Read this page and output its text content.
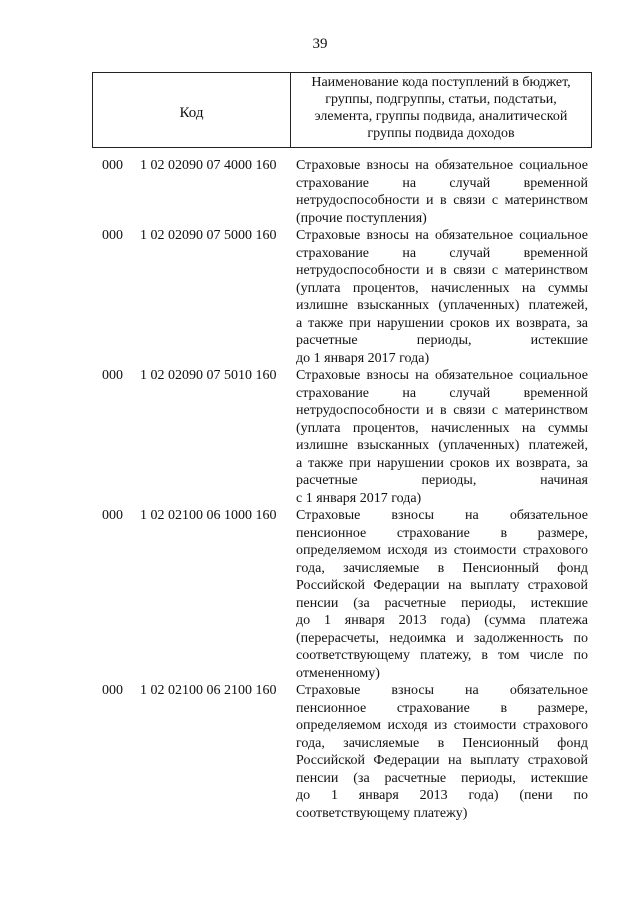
39
Код
Наименование кода поступлений в бюджет,
группы, подгруппы, статьи, подстатьи,
элемента, группы подвида, аналитической
группы подвида доходов
000 1 02 02090 07 4000 160 Страховые взносы на обязательное социальное
страхование на случай временной
нетрудоспособности и в связи с материнством
(прочие поступления)
000 1 02 02090 07 5000 160 Страховые взносы на обязательное социальное
страхование на случай временной
нетрудоспособности и в связи с материнством
(уплата процентов, начисленных на суммы
излишне взысканных (уплаченных) платежей,
а также при нарушении сроков их возврата, за
расчетные периоды, истекшие
до 1 января 2017 года)
000 1 02 02090 07 5010 160 Страховые взносы на обязательное социальное
страхование на случай временной
нетрудоспособности и в связи с материнством
(уплата процентов, начисленных на суммы
излишне взысканных (уплаченных) платежей,
а также при нарушении сроков их возврата, за
расчетные периоды, начиная
с 1 января 2017 года)
000 1 02 02100 06 1000 160 Страховые взносы на обязательное
пенсионное страхование в размере,
определяемом исходя из стоимости страхового
года, зачисляемые в Пенсионный фонд
Российской Федерации на выплату страховой
пенсии (за расчетные периоды, истекшие
до 1 января 2013 года) (сумма платежа
(перерасчеты, недоимка и задолженность по
соответствующему платежу, в том числе по
отмененному)
000 1 02 02100 06 2100 160 Страховые взносы на обязательное
пенсионное страхование в размере,
определяемом исходя из стоимости страхового
года, зачисляемые в Пенсионный фонд
Российской Федерации на выплату страховой
пенсии (за расчетные периоды, истекшие
до 1 января 2013 года) (пени по
соответствующему платежу)
